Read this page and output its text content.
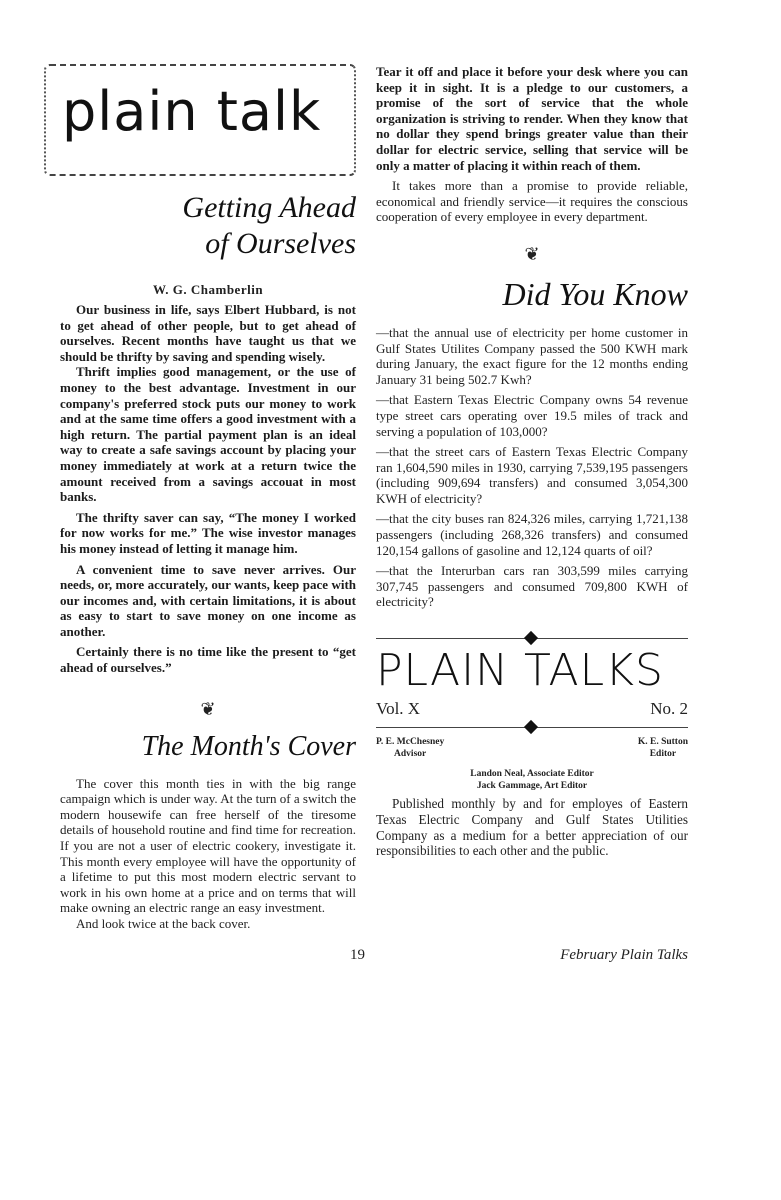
plain talk
Getting Ahead
of Ourselves
W. G. Chamberlin

Our business in life, says Elbert Hubbard, is not to get ahead of other people, but to get ahead of ourselves. Recent months have taught us that we should be thrifty by saving and spending wisely.

Thrift implies good management, or the use of money to the best advantage. Investment in our company's preferred stock puts our money to work and at the same time offers a good investment with a high return. The partial payment plan is an ideal way to create a safe savings account by placing your money immediately at work at a return twice the amount received from a savings accouat in most banks.

The thrifty saver can say, “The money I worked for now works for me.” The wise investor manages his money instead of letting it manage him.

A convenient time to save never arrives. Our needs, or, more accurately, our wants, keep pace with our incomes and, with certain limitations, it is about as easy to start to save money on one income as another.

Certainly there is no time like the present to “get ahead of ourselves.”

❦
The Month's Cover

The cover this month ties in with the big range campaign which is under way. At the turn of a switch the modern housewife can free herself of the tiresome details of household routine and find time for recreation. If you are not a user of electric cookery, investigate it. This month every employee will have the opportunity of a lifetime to put this most modern electric servant to work in his own home at a price and on terms that will make owning an electric range an easy investment.

And look twice at the back cover.

Tear it off and place it before your desk where you can keep it in sight. It is a pledge to our customers, a promise of the sort of service that the whole organization is striving to render. When they know that no dollar they spend brings greater value than their dollar for electric service, selling that service will be only a matter of placing it within reach of them.

It takes more than a promise to provide reliable, economical and friendly service—it requires the conscious cooperation of every employee in every department.

❦
Did You Know

—that the annual use of electricity per home customer in Gulf States Utilites Company passed the 500 KWH mark during January, the exact figure for the 12 months ending January 31 being 502.7 Kwh?

—that Eastern Texas Electric Company owns 54 revenue type street cars operating over 19.5 miles of track and serving a population of 103,000?

—that the street cars of Eastern Texas Electric Company ran 1,604,590 miles in 1930, carrying 7,539,195 passengers (including 909,694 transfers) and consumed 3,054,300 KWH of electricity?

—that the city buses ran 824,326 miles, carrying 1,721,138 passengers (including 268,326 transfers) and consumed 120,154 gallons of gasoline and 12,124 quarts of oil?

—that the Interurban cars ran 303,599 miles carrying 307,745 passengers and consumed 709,800 KWH of electricity?

PLAIN TALKS
Vol. X	No. 2
P. E. McChesney
Advisor
K. E. Sutton
Editor
Landon Neal, Associate Editor
Jack Gammage, Art Editor

Published monthly by and for employes of Eastern Texas Electric Company and Gulf States Utilities Company as a medium for a better appreciation of our responsibilities to each other and the public.

19	February Plain Talks
